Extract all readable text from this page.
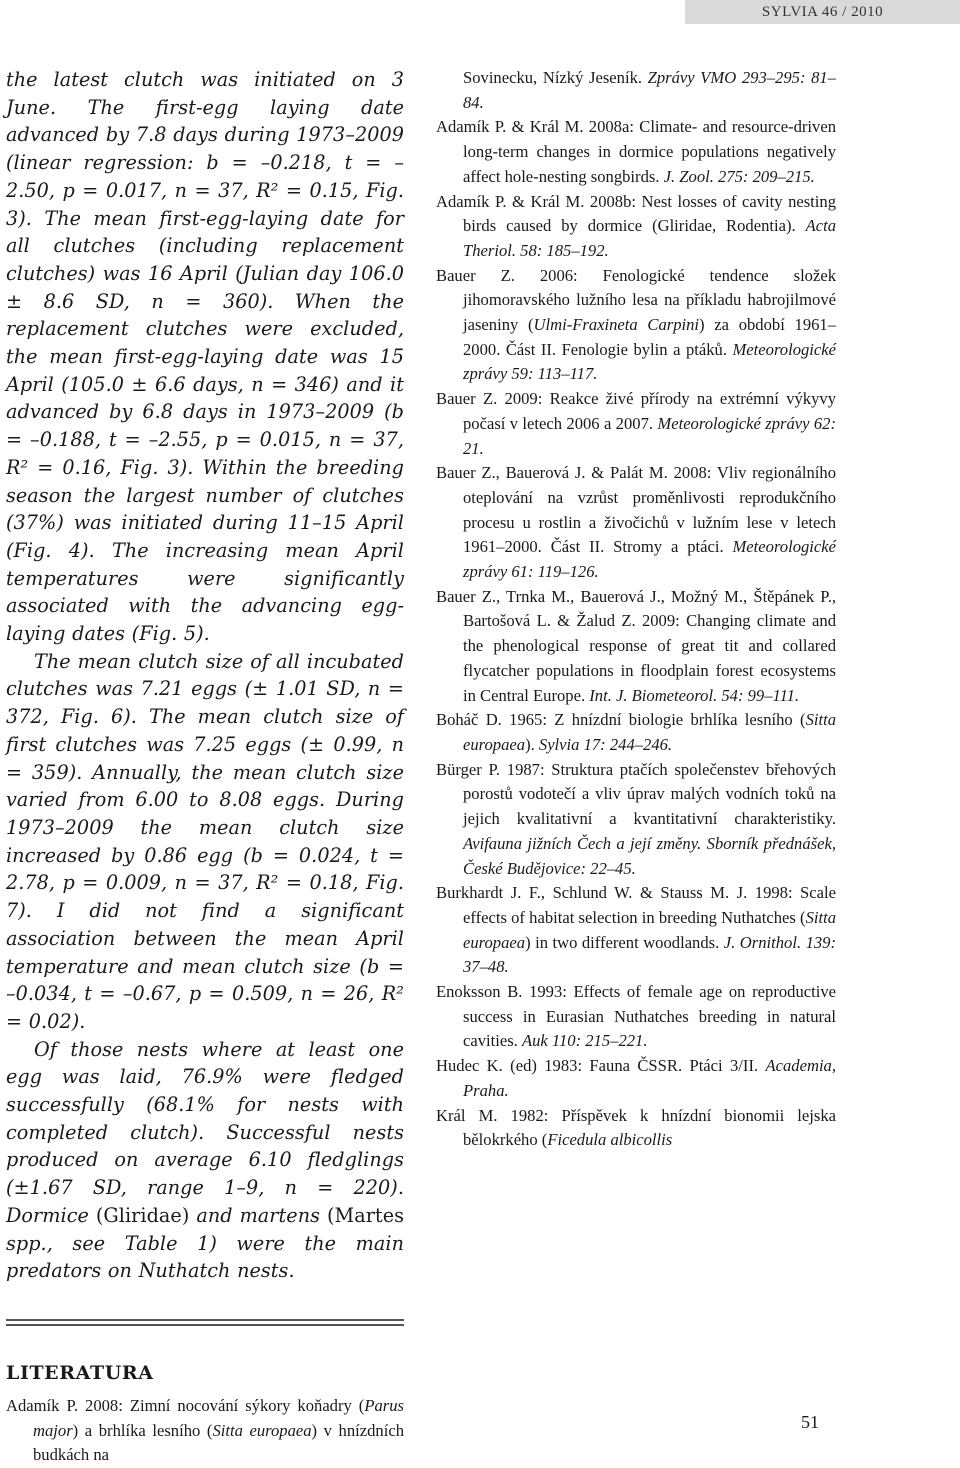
SYLVIA 46 / 2010

the latest clutch was initiated on 3 June. The first-egg laying date advanced by 7.8 days during 1973–2009 (linear regression: b = –0.218, t = –2.50, p = 0.017, n = 37, R² = 0.15, Fig. 3). The mean first-egg-laying date for all clutches (including replacement clutches) was 16 April (Julian day 106.0 ± 8.6 SD, n = 360). When the replacement clutches were excluded, the mean first-egg-laying date was 15 April (105.0 ± 6.6 days, n = 346) and it advanced by 6.8 days in 1973–2009 (b = –0.188, t = –2.55, p = 0.015, n = 37, R² = 0.16, Fig. 3). Within the breeding season the largest number of clutches (37%) was initiated during 11–15 April (Fig. 4). The increasing mean April temperatures were significantly associated with the advancing egg-laying dates (Fig. 5).

The mean clutch size of all incubated clutches was 7.21 eggs (± 1.01 SD, n = 372, Fig. 6). The mean clutch size of first clutches was 7.25 eggs (± 0.99, n = 359). Annually, the mean clutch size varied from 6.00 to 8.08 eggs. During 1973–2009 the mean clutch size increased by 0.86 egg (b = 0.024, t = 2.78, p = 0.009, n = 37, R² = 0.18, Fig. 7). I did not find a significant association between the mean April temperature and mean clutch size (b = –0.034, t = –0.67, p = 0.509, n = 26, R² = 0.02).

Of those nests where at least one egg was laid, 76.9% were fledged successfully (68.1% for nests with completed clutch). Successful nests produced on average 6.10 fledglings (±1.67 SD, range 1–9, n = 220). Dormice (Gliridae) and martens (Martes spp., see Table 1) were the main predators on Nuthatch nests.

LITERATURA

Adamík P. 2008: Zimní nocování sýkory koňadry (Parus major) a brhlíka lesního (Sitta europaea) v hnízdních budkách na

Sovinecku, Nízký Jeseník. Zprávy VMO 293–295: 81–84.

Adamík P. & Král M. 2008a: Climate- and resource-driven long-term changes in dormice populations negatively affect hole-nesting songbirds. J. Zool. 275: 209–215.

Adamík P. & Král M. 2008b: Nest losses of cavity nesting birds caused by dormice (Gliridae, Rodentia). Acta Theriol. 58: 185–192.

Bauer Z. 2006: Fenologické tendence složek jihomoravského lužního lesa na příkladu habrojilmové jaseniny (Ulmi-Fraxineta Carpini) za období 1961–2000. Část II. Fenologie bylin a ptáků. Meteorologické zprávy 59: 113–117.

Bauer Z. 2009: Reakce živé přírody na extrémní výkyvy počasí v letech 2006 a 2007. Meteorologické zprávy 62: 21.

Bauer Z., Bauerová J. & Palát M. 2008: Vliv regionálního oteplování na vzrůst proměnlivosti reprodukčního procesu u rostlin a živočichů v lužním lese v letech 1961–2000. Část II. Stromy a ptáci. Meteorologické zprávy 61: 119–126.

Bauer Z., Trnka M., Bauerová J., Možný M., Štěpánek P., Bartošová L. & Žalud Z. 2009: Changing climate and the phenological response of great tit and collared flycatcher populations in floodplain forest ecosystems in Central Europe. Int. J. Biometeorol. 54: 99–111.

Boháč D. 1965: Z hnízdní biologie brhlíka lesního (Sitta europaea). Sylvia 17: 244–246.

Bürger P. 1987: Struktura ptačích společenstev břehových porostů vodotečí a vliv úprav malých vodních toků na jejich kvalitativní a kvantitativní charakteristiky. Avifauna jižních Čech a její změny. Sborník přednášek, České Budějovice: 22–45.

Burkhardt J. F., Schlund W. & Stauss M. J. 1998: Scale effects of habitat selection in breeding Nuthatches (Sitta europaea) in two different woodlands. J. Ornithol. 139: 37–48.

Enoksson B. 1993: Effects of female age on reproductive success in Eurasian Nuthatches breeding in natural cavities. Auk 110: 215–221.

Hudec K. (ed) 1983: Fauna ČSSR. Ptáci 3/II. Academia, Praha.

Král M. 1982: Příspěvek k hnízdní bionomii lejska bělokrkého (Ficedula albicollis

51
